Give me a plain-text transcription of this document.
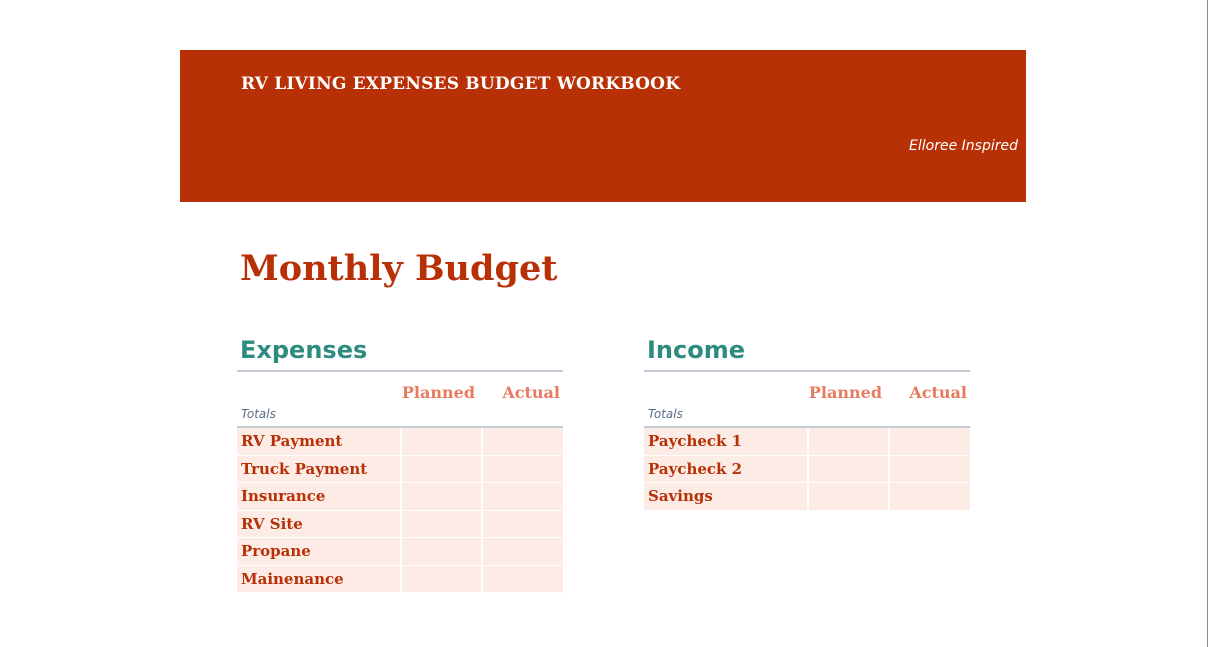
RV LIVING EXPENSES BUDGET WORKBOOK
Elloree Inspired
Monthly Budget
Expenses
Planned	Actual
Totals
RV Payment
Truck Payment
Insurance
RV Site
Propane
Mainenance
Income
Planned	Actual
Totals
Paycheck 1
Paycheck 2
Savings
